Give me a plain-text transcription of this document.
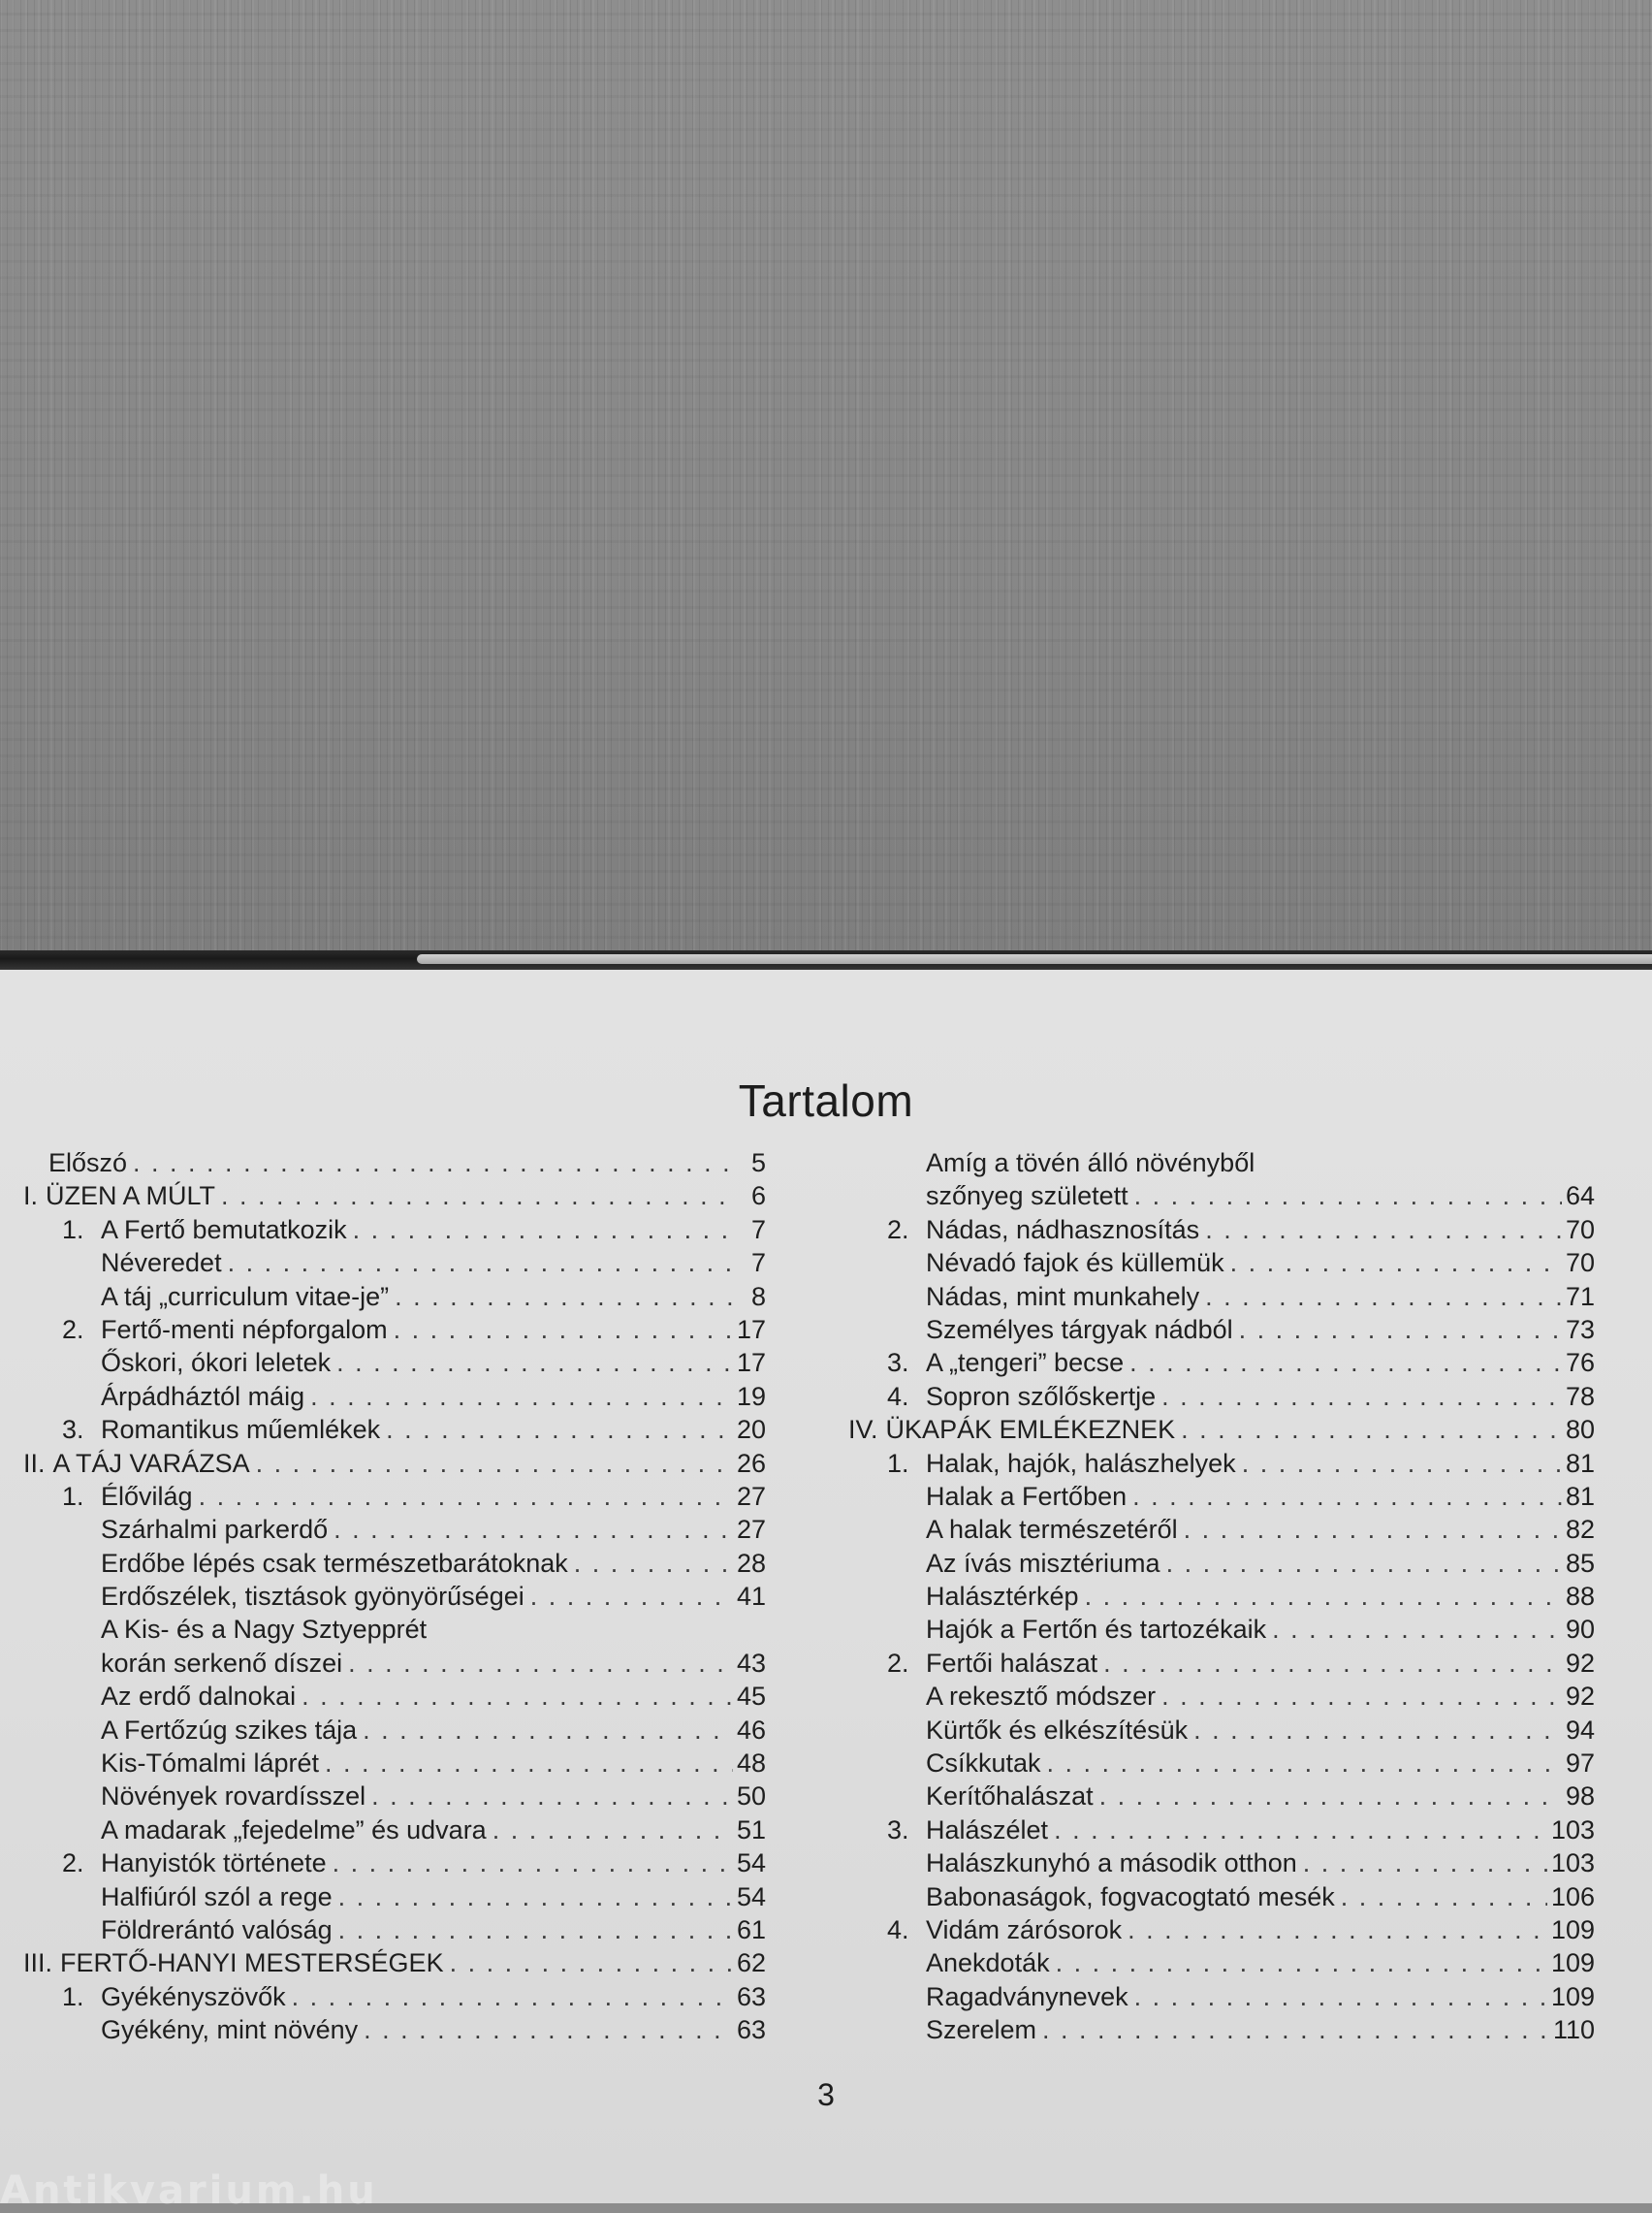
Tartalom
Előszó . . .	5
I. ÜZEN A MÚLT . . .	6
1. A Fertő bemutatkozik . . .	7
Néveredet . . .	7
A táj „curriculum vitae-je” . . .	8
2. Fertő-menti népforgalom . . .	17
Őskori, ókori leletek . . .	17
Árpádháztól máig . . .	19
3. Romantikus műemlékek . . .	20
II. A TÁJ VARÁZSA . . .	26
1. Élővilág . . .	27
Szárhalmi parkerdő . . .	27
Erdőbe lépés csak természetbarátoknak . . .	28
Erdőszélek, tisztások gyönyörűségei . . .	41
A Kis- és a Nagy Sztyepprét
korán serkenő díszei . . .	43
Az erdő dalnokai . . .	45
A Fertőzúg szikes tája . . .	46
Kis-Tómalmi láprét . . .	48
Növények rovardísszel . . .	50
A madarak „fejedelme” és udvara . . .	51
2. Hanyistók története . . .	54
Halfiúról szól a rege . . .	54
Földrerántó valóság . . .	61
III. FERTŐ-HANYI MESTERSÉGEK . . .	62
1. Gyékényszövők . . .	63
Gyékény, mint növény . . .	63
Amíg a tövén álló növényből
szőnyeg született . . .	64
2. Nádas, nádhasznosítás . . .	70
Névadó fajok és küllemük . . .	70
Nádas, mint munkahely . . .	71
Személyes tárgyak nádból . . .	73
3. A „tengeri” becse . . .	76
4. Sopron szőlőskertje . . .	78
IV. ÜKAPÁK EMLÉKEZNEK . . .	80
1. Halak, hajók, halászhelyek . . .	81
Halak a Fertőben . . .	81
A halak természetéről . . .	82
Az ívás misztériuma . . .	85
Halásztérkép . . .	88
Hajók a Fertőn és tartozékaik . . .	90
2. Fertői halászat . . .	92
A rekesztő módszer . . .	92
Kürtők és elkészítésük . . .	94
Csíkkutak . . .	97
Kerítőhalászat . . .	98
3. Halászélet . . .	103
Halászkunyhó a második otthon . . .	103
Babonaságok, fogvacogtató mesék . . .	106
4. Vidám zárósorok . . .	109
Anekdoták . . .	109
Ragadványnevek . . .	109
Szerelem . . .	110
3
Antikvarium.hu
